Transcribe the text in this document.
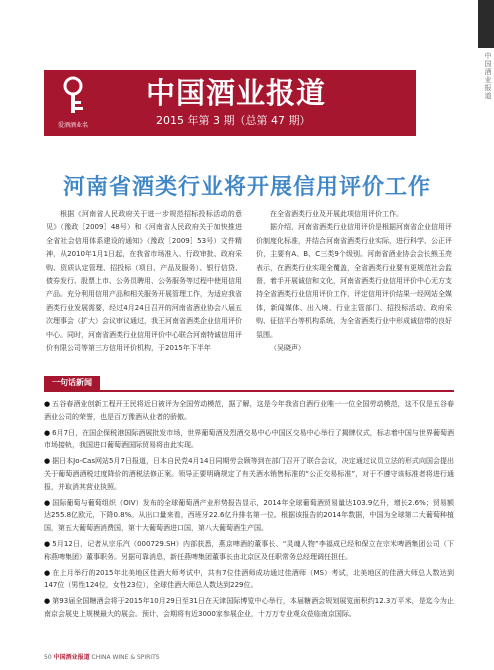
中国酒业报道
爱酒酒业名
中国酒业报道
2015 年第 3 期（总第 47 期）
河南省酒类行业将开展信用评价工作

根据《河南省人民政府关于进一步规范招标投标活动的意见》（豫政［2009］48号）和《河南省人民政府关于加快推进全省社会信用体系建设的通知》（豫政［2009］53号）文件精神，从2010年1月1日起，在我省市场准入、行政审批、政府采购、资质认定管理、招投标（项目、产品及服务）、银行信贷、债券发行、股票上市、公务员聘用、公务服务等过程中使用信用产品。充分利用信用产品和相关服务开展管理工作，为适应我省酒类行业发展需要，经过4月24日召开的河南省酒业协会八届五次理事会（扩大）会议审议通过，我王河南省酒类企业信用评价中心。同时，河南省酒类行业信用评价中心联合河南特诚信用评价有限公司等第三方信用评价机构，于2015年下半年

在全省酒类行业及开展此项信用评价工作。

据介绍，河南省酒类行业信用评价是根据河南省企业信用评价制度化标准，并结合河南省酒类行业实际，进行科学、公正评价，主要有A、B、C三类9个级别。河南省酒业协会会长熊玉亮表示，在酒类行业实现全覆盖，全省酒类行业要有更规范社会监督，着手开展诚信和文化，河南省酒类行业信用评价中心无方支持全省酒类行业信用评价工作，评定信用评价结果一经网站全媒体，新闻媒体、出入境、行业主管部门、招投标活动、政府采购、征信平台等机构系统，为全省酒类行业中形成诚信带的良好氛围。

（吴晓声）

一句话新闻

● 五谷春酒业创新工程开王民将近日被评为全国劳动模范，据了解，这是今年我省白酒行业唯一一位全国劳动模范，这不仅是五谷春酒业公司的荣誉，也是百万豫酒从业者的骄傲。

● 6月7日，在国企保税港国际酒展批发市场，世界葡萄酒及烈酒交易中心中国区交易中心举行了揭牌仪式，标志着中国与世界葡萄酒市场接轨，我国进口葡萄酒国际贸易将由此实现。

● 据日本Jo-Cas网站5月7日报道，日本自民党4月14日同期劳会顾等到在部门召开了联合会议，决定通过议员立法的形式向国会提出关于葡萄酒酒税过度降价的酒税法修正案。领导正要明确规定了有关酒水销售标准的“公正交易标准”，对于不遵守该标准者将进行通报，并取消其营业执照。

● 国际葡萄与葡萄组织（OIV）发布的全球葡萄酒产业形势报告显示，2014年全球葡萄酒贸易量达103.9亿升，增长2.6%；贸易额达255.8亿欧元，下降0.8%。从出口量来看，西班牙22.6亿升排名第一位。根据该报告的2014年数据，中国为全球第二大葡萄种植国，第五大葡萄酒消费国，第十大葡萄酒进口国，第八大葡萄酒生产国。

● 5月12日，记者从宗乐汽（000729.SH）内部获悉，燕京啤酒的董事长、“灵魂人物”李福成已经和保立在宗米啤酒集团公司（下称燕啤集团）董事职务。另据可靠消息，新任燕啤集团董事长由北京区及任职常务总经理调任担任。

● 在上月举行的2015年北美地区佳酒大师考试中，共有7位佳酒师成功通过佳酒师（MS）考试，北美地区的佳酒大师总人数达到147位（男性124位，女性23位），全球佳酒大师总人数达到229位。

● 第93届全国糖酒会将于2015年10月29日至31日在天津国际博览中心举行，本届糖酒会规划展览面积约12.3万平米，是迄今为止南京会展史上规模最大的展会。预计，会期将有近3000家参展企业，十万万专业观众莅临南京国际。

50 中国酒业报道 CHINA WINE & SPIRITS
